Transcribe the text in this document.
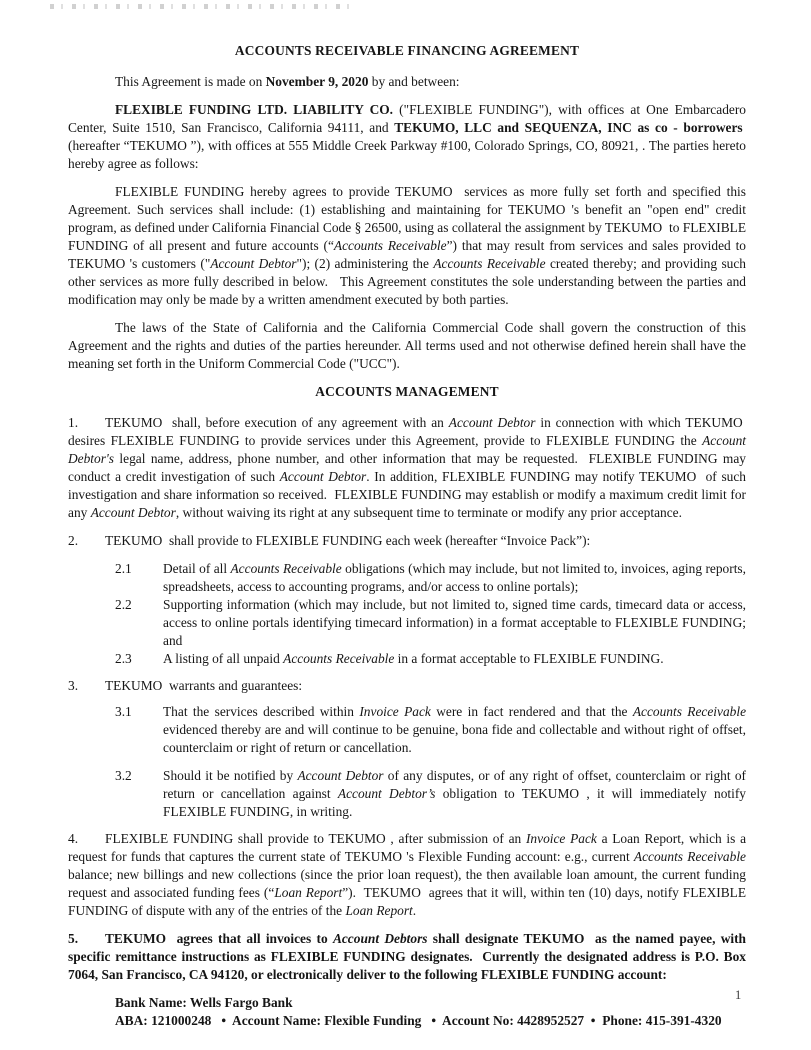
ACCOUNTS RECEIVABLE FINANCING AGREEMENT

This Agreement is made on November 9, 2020 by and between:

FLEXIBLE FUNDING LTD. LIABILITY CO. ("FLEXIBLE FUNDING"), with offices at One Embarcadero Center, Suite 1510, San Francisco, California 94111, and TEKUMO, LLC and SEQUENZA, INC as co - borrowers  (hereafter “TEKUMO ”), with offices at 555 Middle Creek Parkway #100, Colorado Springs, CO, 80921, . The parties hereto hereby agree as follows:

FLEXIBLE FUNDING hereby agrees to provide TEKUMO  services as more fully set forth and specified this Agreement. Such services shall include: (1) establishing and maintaining for TEKUMO 's benefit an "open end" credit program, as defined under California Financial Code § 26500, using as collateral the assignment by TEKUMO  to FLEXIBLE FUNDING of all present and future accounts (“Accounts Receivable”) that may result from services and sales provided to TEKUMO 's customers ("Account Debtor"); (2) administering the Accounts Receivable created thereby; and providing such other services as more fully described in below.   This Agreement constitutes the sole understanding between the parties and modification may only be made by a written amendment executed by both parties.

The laws of the State of California and the California Commercial Code shall govern the construction of this Agreement and the rights and duties of the parties hereunder. All terms used and not otherwise defined herein shall have the meaning set forth in the Uniform Commercial Code ("UCC").

ACCOUNTS MANAGEMENT

1. TEKUMO  shall, before execution of any agreement with an Account Debtor in connection with which TEKUMO  desires FLEXIBLE FUNDING to provide services under this Agreement, provide to FLEXIBLE FUNDING the Account Debtor's legal name, address, phone number, and other information that may be requested.  FLEXIBLE FUNDING may conduct a credit investigation of such Account Debtor. In addition, FLEXIBLE FUNDING may notify TEKUMO  of such investigation and share information so received.  FLEXIBLE FUNDING may establish or modify a maximum credit limit for any Account Debtor, without waiving its right at any subsequent time to terminate or modify any prior acceptance.

2. TEKUMO  shall provide to FLEXIBLE FUNDING each week (hereafter “Invoice Pack”):

2.1	Detail of all Accounts Receivable obligations (which may include, but not limited to, invoices, aging reports, spreadsheets, access to accounting programs, and/or access to online portals);
2.2	Supporting information (which may include, but not limited to, signed time cards, timecard data or access, access to online portals identifying timecard information) in a format acceptable to FLEXIBLE FUNDING; and
2.3	A listing of all unpaid Accounts Receivable in a format acceptable to FLEXIBLE FUNDING.

3. TEKUMO  warrants and guarantees:

3.1	That the services described within Invoice Pack were in fact rendered and that the Accounts Receivable evidenced thereby are and will continue to be genuine, bona fide and collectable and without right of offset, counterclaim or right of return or cancellation.
3.2	Should it be notified by Account Debtor of any disputes, or of any right of offset, counterclaim or right of return or cancellation against Account Debtor’s obligation to TEKUMO , it will immediately notify FLEXIBLE FUNDING, in writing.

4. FLEXIBLE FUNDING shall provide to TEKUMO , after submission of an Invoice Pack a Loan Report, which is a request for funds that captures the current state of TEKUMO 's Flexible Funding account: e.g., current Accounts Receivable balance; new billings and new collections (since the prior loan request), the then available loan amount, the current funding request and associated funding fees (“Loan Report”).  TEKUMO  agrees that it will, within ten (10) days, notify FLEXIBLE FUNDING of dispute with any of the entries of the Loan Report.

5. TEKUMO  agrees that all invoices to Account Debtors shall designate TEKUMO  as the named payee, with specific remittance instructions as FLEXIBLE FUNDING designates.  Currently the designated address is P.O. Box 7064, San Francisco, CA 94120, or electronically deliver to the following FLEXIBLE FUNDING account:

Bank Name: Wells Fargo Bank
ABA: 121000248   •  Account Name: Flexible Funding   •  Account No: 4428952527  •  Phone: 415-391-4320
1
